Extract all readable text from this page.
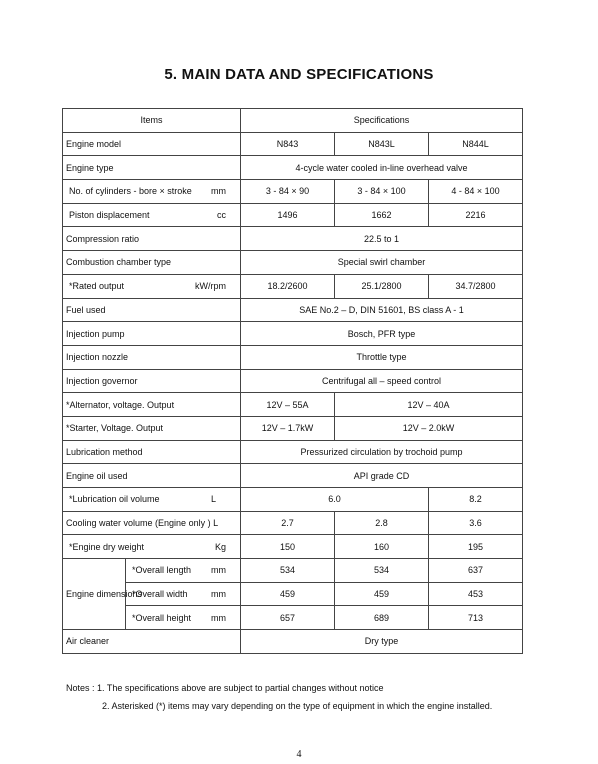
5. MAIN DATA AND SPECIFICATIONS
Items		Specifications		
Engine model		N843	N843L	N844L
Engine type		4-cycle water cooled in-line overhead valve		

No. of cylinders - bore × stroke mm		3 - 84 × 90	3 - 84 × 100	4 - 84 × 100

Piston displacement cc		1496	1662	2216
Compression ratio		22.5 to 1		
Combustion chamber type		Special swirl chamber		

*Rated output kW/rpm		18.2/2600	25.1/2800	34.7/2800
Fuel used		SAE No.2 – D, DIN 51601, BS class A - 1		
Injection pump		Bosch, PFR type		
Injection nozzle		Throttle type		
Injection governor		Centrifugal all – speed control		
*Alternator, voltage. Output		12V – 55A	12V – 40A	
*Starter, Voltage. Output		12V – 1.7kW	12V – 2.0kW	
Lubrication method		Pressurized circulation by trochoid pump		
Engine oil used		API grade CD		

*Lubrication oil volume L		6.0		8.2
Cooling water volume (Engine only ) L		2.7	2.8	3.6

*Engine dry weight Kg		150	160	195
Engine dimensions	*Overall length mm	534	534	637

	*Overall width mm	459	459	453

	*Overall height mm	657	689	713
Air cleaner		Dry type		
Notes : 1. The specifications above are subject to partial changes without notice
2. Asterisked (*) items may vary depending on the type of equipment in which the engine installed.
4
